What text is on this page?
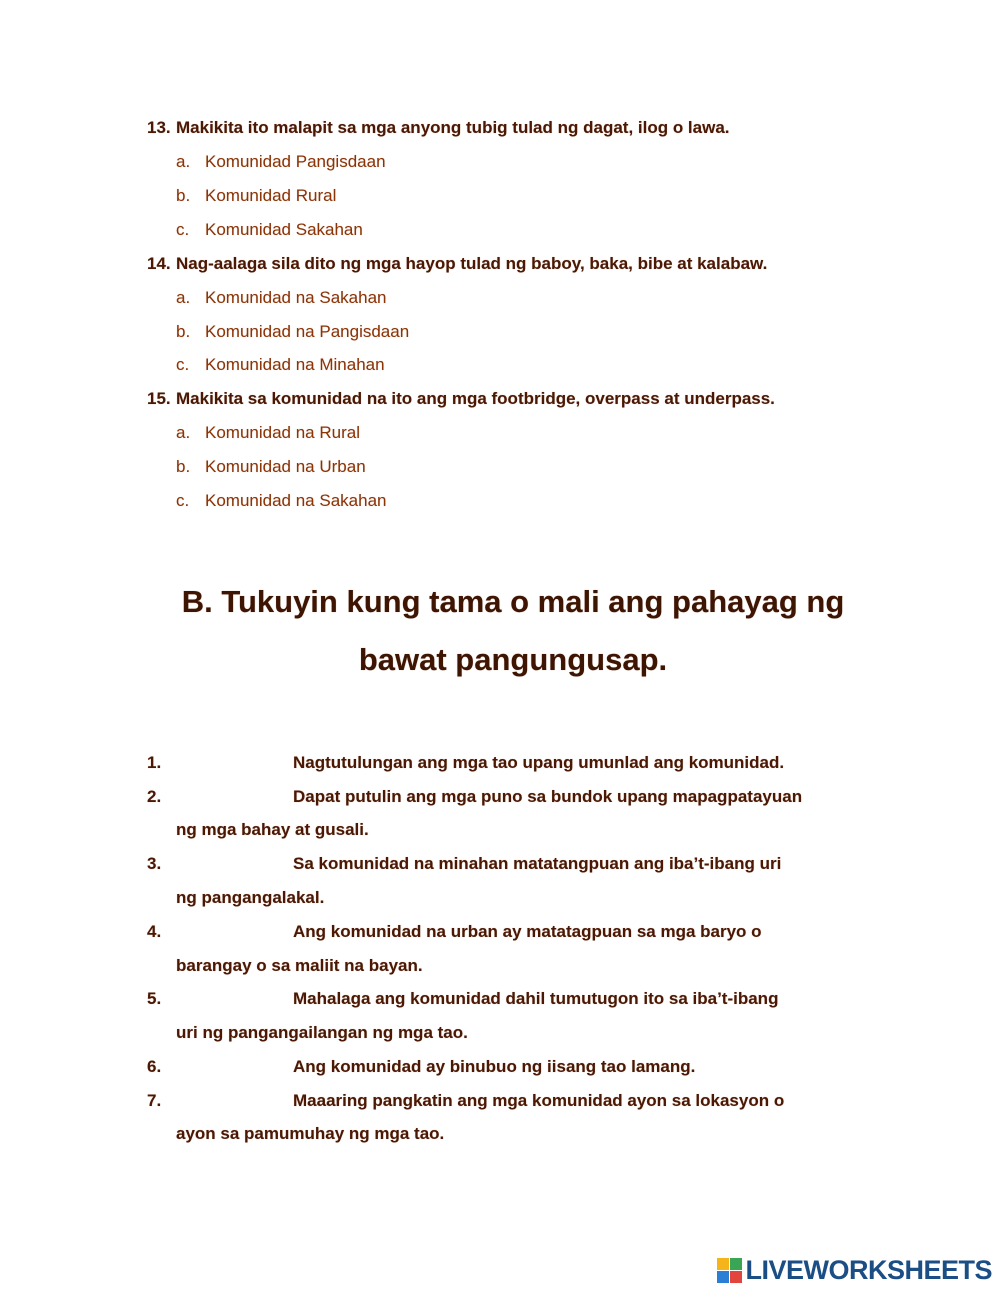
13. Makikita ito malapit sa mga anyong tubig tulad ng dagat, ilog o lawa.
a. Komunidad Pangisdaan
b. Komunidad Rural
c. Komunidad Sakahan
14. Nag-aalaga sila dito ng mga hayop tulad ng baboy, baka, bibe at kalabaw.
a. Komunidad na Sakahan
b. Komunidad na Pangisdaan
c. Komunidad na Minahan
15. Makikita sa komunidad na ito ang mga footbridge, overpass at underpass.
a. Komunidad na Rural
b. Komunidad na Urban
c. Komunidad na Sakahan
B. Tukuyin kung tama o mali ang pahayag ng
bawat pangungusap.
1.	Nagtutulungan ang mga tao upang umunlad ang komunidad.
2.	Dapat putulin ang mga puno sa bundok upang mapagpatayuan
ng mga bahay at gusali.
3.	Sa komunidad na minahan matatangpuan ang iba’t-ibang uri
ng pangangalakal.
4.	Ang komunidad na urban ay matatagpuan sa mga baryo o
barangay o sa maliit na bayan.
5.	Mahalaga ang komunidad dahil tumutugon ito sa iba’t-ibang
uri ng pangangailangan ng mga tao.
6.	Ang komunidad ay binubuo ng iisang tao lamang.
7.	Maaaring pangkatin ang mga komunidad ayon sa lokasyon o
ayon sa pamumuhay ng mga tao.
LIVEWORKSHEETS
